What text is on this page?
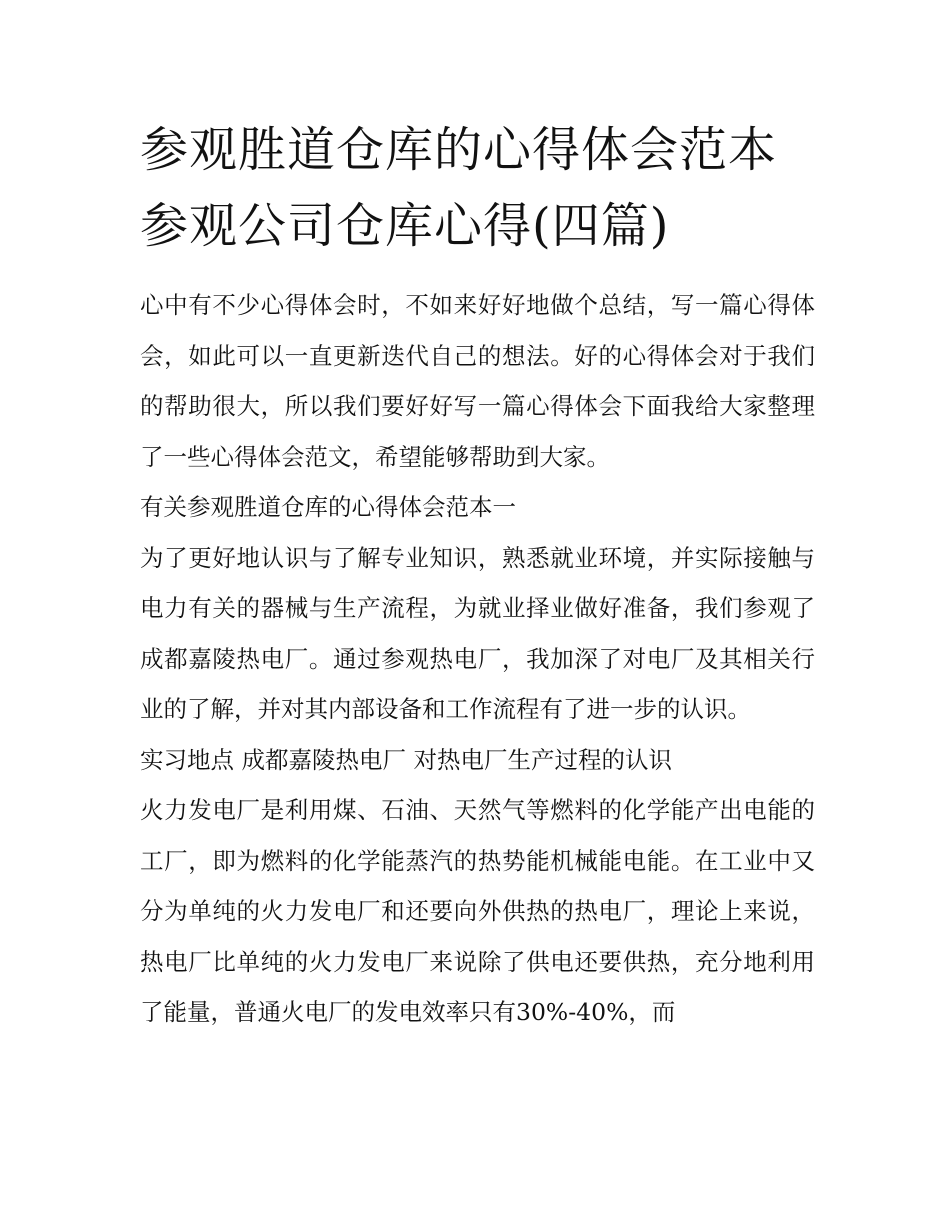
参观胜道仓库的心得体会范本参观公司仓库心得(四篇)

心中有不少心得体会时，不如来好好地做个总结，写一篇心得体会，如此可以一直更新迭代自己的想法。好的心得体会对于我们的帮助很大，所以我们要好好写一篇心得体会下面我给大家整理了一些心得体会范文，希望能够帮助到大家。

有关参观胜道仓库的心得体会范本一

为了更好地认识与了解专业知识，熟悉就业环境，并实际接触与电力有关的器械与生产流程，为就业择业做好准备，我们参观了成都嘉陵热电厂。通过参观热电厂，我加深了对电厂及其相关行业的了解，并对其内部设备和工作流程有了进一步的认识。

实习地点 成都嘉陵热电厂 对热电厂生产过程的认识

火力发电厂是利用煤、石油、天然气等燃料的化学能产出电能的工厂，即为燃料的化学能蒸汽的热势能机械能电能。在工业中又分为单纯的火力发电厂和还要向外供热的热电厂，理论上来说，热电厂比单纯的火力发电厂来说除了供电还要供热，充分地利用了能量，普通火电厂的发电效率只有30%-40%，而
